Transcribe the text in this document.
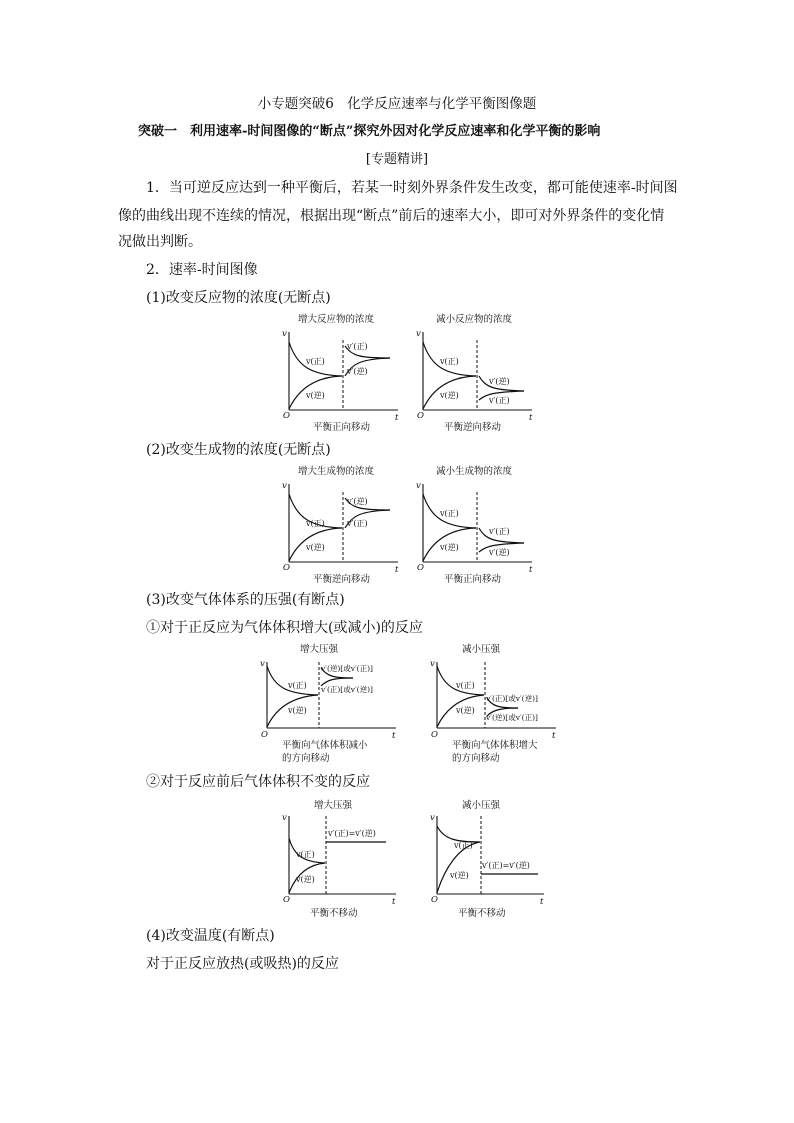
小专题突破6　化学反应速率与化学平衡图像题
突破一　利用速率-时间图像的“断点”探究外因对化学反应速率和化学平衡的影响
[专题精讲]
1．当可逆反应达到一种平衡后，若某一时刻外界条件发生改变，都可能使速率-时间图
像的曲线出现不连续的情况，根据出现“断点”前后的速率大小，即可对外界条件的变化情
况做出判断。
2．速率-时间图像
(1)改变反应物的浓度(无断点)
增大反应物的浓度
v
t
O
v(正)
v(逆)
v′(正)
v′(逆)
平衡正向移动
减小反应物的浓度
v
t
O
v(正)
v(逆)
v′(逆)
v′(正)
平衡逆向移动
(2)改变生成物的浓度(无断点)
增大生成物的浓度
v
t
O
v(正)
v(逆)
v′(逆)
v′(正)
平衡逆向移动
减小生成物的浓度
v
t
O
v(正)
v(逆)
v′(正)
v′(逆)
平衡正向移动
(3)改变气体体系的压强(有断点)
①对于正反应为气体体积增大(或减小)的反应
增大压强
v
t
O
v(正)
v(逆)
v′(逆)[或v′(正)]
v′(正)[或v′(逆)]
平衡向气体体积减小
的方向移动
减小压强
v
t
O
v(正)
v(逆)
v′(正)[或v′(逆)]
v′(逆)[或v′(正)]
平衡向气体体积增大
的方向移动
②对于反应前后气体体积不变的反应
增大压强
v
t
O
v(正)
v(逆)
v′(正)=v′(逆)
平衡不移动
减小压强
v
t
O
v(正)
v(逆)
v′(正)=v′(逆)
平衡不移动
(4)改变温度(有断点)
对于正反应放热(或吸热)的反应
